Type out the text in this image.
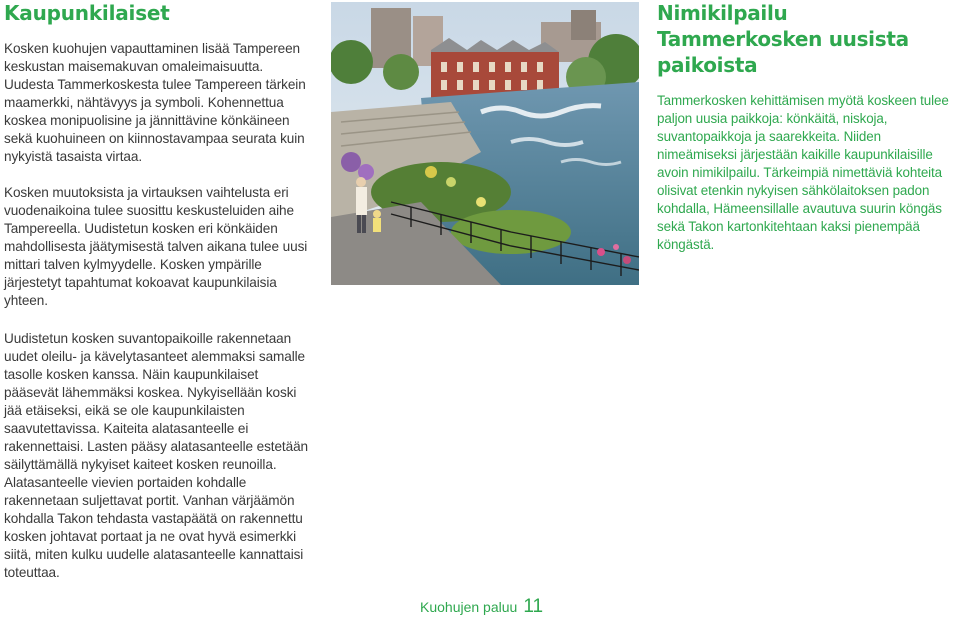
Kaupunkilaiset

Kosken kuohujen vapauttaminen lisää Tampereen keskustan maisemakuvan omaleimaisuutta. Uudesta Tammerkoskesta tulee Tampereen tärkein maamerkki, nähtävyys ja symboli. Kohennettua koskea monipuolisine ja jännittävine könkäineen sekä kuohuineen on kiinnostavampaa seurata kuin nykyistä tasaista virtaa.

Kosken muutoksista ja virtauksen vaihtelusta eri vuodenaikoina tulee suosittu keskusteluiden aihe Tampereella. Uudistetun kosken eri könkäiden mahdollisesta jäätymisestä talven aikana tulee uusi mittari talven kylmyydelle. Kosken ympärille järjestetyt tapahtumat kokoavat kaupunkilaisia yhteen.

Uudistetun kosken suvantopaikoille rakennetaan uudet oleilu- ja kävelytasanteet alemmaksi samalle tasolle kosken kanssa. Näin kaupunkilaiset pääsevät lähemmäksi koskea. Nykyisellään koski jää etäiseksi, eikä se ole kaupunkilaisten saavutettavissa. Kaiteita alatasanteelle ei rakennettaisi. Lasten pääsy alatasanteelle estetään säilyttämällä nykyiset kaiteet kosken reunoilla. Alatasanteelle vievien portaiden kohdalle rakennetaan suljettavat portit. Vanhan värjäämön kohdalla Takon tehdasta vastapäätä on rakennettu kosken johtavat portaat ja ne ovat hyvä esimerkki siitä, miten kulku uudelle alatasanteelle kannattaisi toteuttaa.

Nimikilpailu Tammerkosken uusista paikoista

Tammerkosken kehittämisen myötä koskeen tulee paljon uusia paikkoja: könkäitä, niskoja, suvantopaikkoja ja saarekkeita. Niiden nimeämiseksi järjestään kaikille kaupunkilaisille avoin nimikilpailu. Tärkeimpiä nimettäviä kohteita olisivat etenkin nykyisen sähkölaitoksen padon kohdalla, Hämeensillalle avautuva suurin köngäs sekä Takon kartonkitehtaan kaksi pienempää köngästä.

Kuohujen paluu 11
